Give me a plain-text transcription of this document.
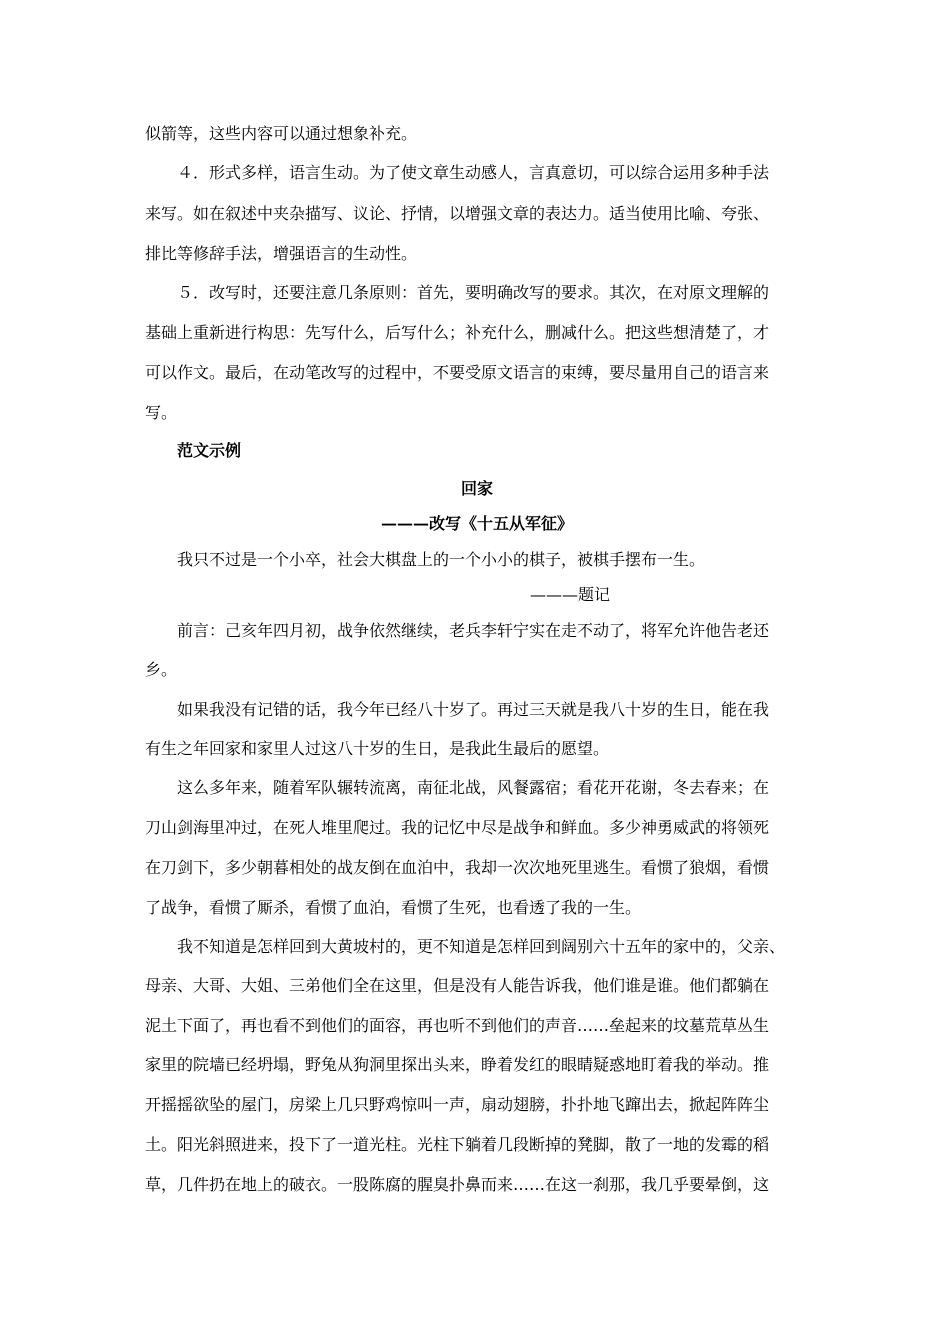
似箭等，这些内容可以通过想象补充。
４．形式多样，语言生动。为了使文章生动感人，言真意切，可以综合运用多种手法
来写。如在叙述中夹杂描写、议论、抒情，以增强文章的表达力。适当使用比喻、夸张、
排比等修辞手法，增强语言的生动性。
５．改写时，还要注意几条原则：首先，要明确改写的要求。其次，在对原文理解的
基础上重新进行构思：先写什么，后写什么；补充什么，删减什么。把这些想清楚了，才
可以作文。最后，在动笔改写的过程中，不要受原文语言的束缚，要尽量用自己的语言来
写。
范文示例
回家
———改写《十五从军征》
我只不过是一个小卒，社会大棋盘上的一个小小的棋子，被棋手摆布一生。
———题记
前言：己亥年四月初，战争依然继续，老兵李轩宁实在走不动了，将军允许他告老还
乡。
如果我没有记错的话，我今年已经八十岁了。再过三天就是我八十岁的生日，能在我
有生之年回家和家里人过这八十岁的生日，是我此生最后的愿望。
这么多年来，随着军队辗转流离，南征北战，风餐露宿；看花开花谢，冬去春来；在
刀山剑海里冲过，在死人堆里爬过。我的记忆中尽是战争和鲜血。多少神勇威武的将领死
在刀剑下，多少朝暮相处的战友倒在血泊中，我却一次次地死里逃生。看惯了狼烟，看惯
了战争，看惯了厮杀，看惯了血泊，看惯了生死，也看透了我的一生。
我不知道是怎样回到大黄坡村的，更不知道是怎样回到阔别六十五年的家中的，父亲、
母亲、大哥、大姐、三弟他们全在这里，但是没有人能告诉我，他们谁是谁。他们都躺在
泥土下面了，再也看不到他们的面容，再也听不到他们的声音……垒起来的坟墓荒草丛生
家里的院墙已经坍塌，野兔从狗洞里探出头来，睁着发红的眼睛疑惑地盯着我的举动。推
开摇摇欲坠的屋门，房梁上几只野鸡惊叫一声，扇动翅膀，扑扑地飞蹿出去，掀起阵阵尘
土。阳光斜照进来，投下了一道光柱。光柱下躺着几段断掉的凳脚，散了一地的发霉的稻
草，几件扔在地上的破衣。一股陈腐的腥臭扑鼻而来……在这一刹那，我几乎要晕倒，这
